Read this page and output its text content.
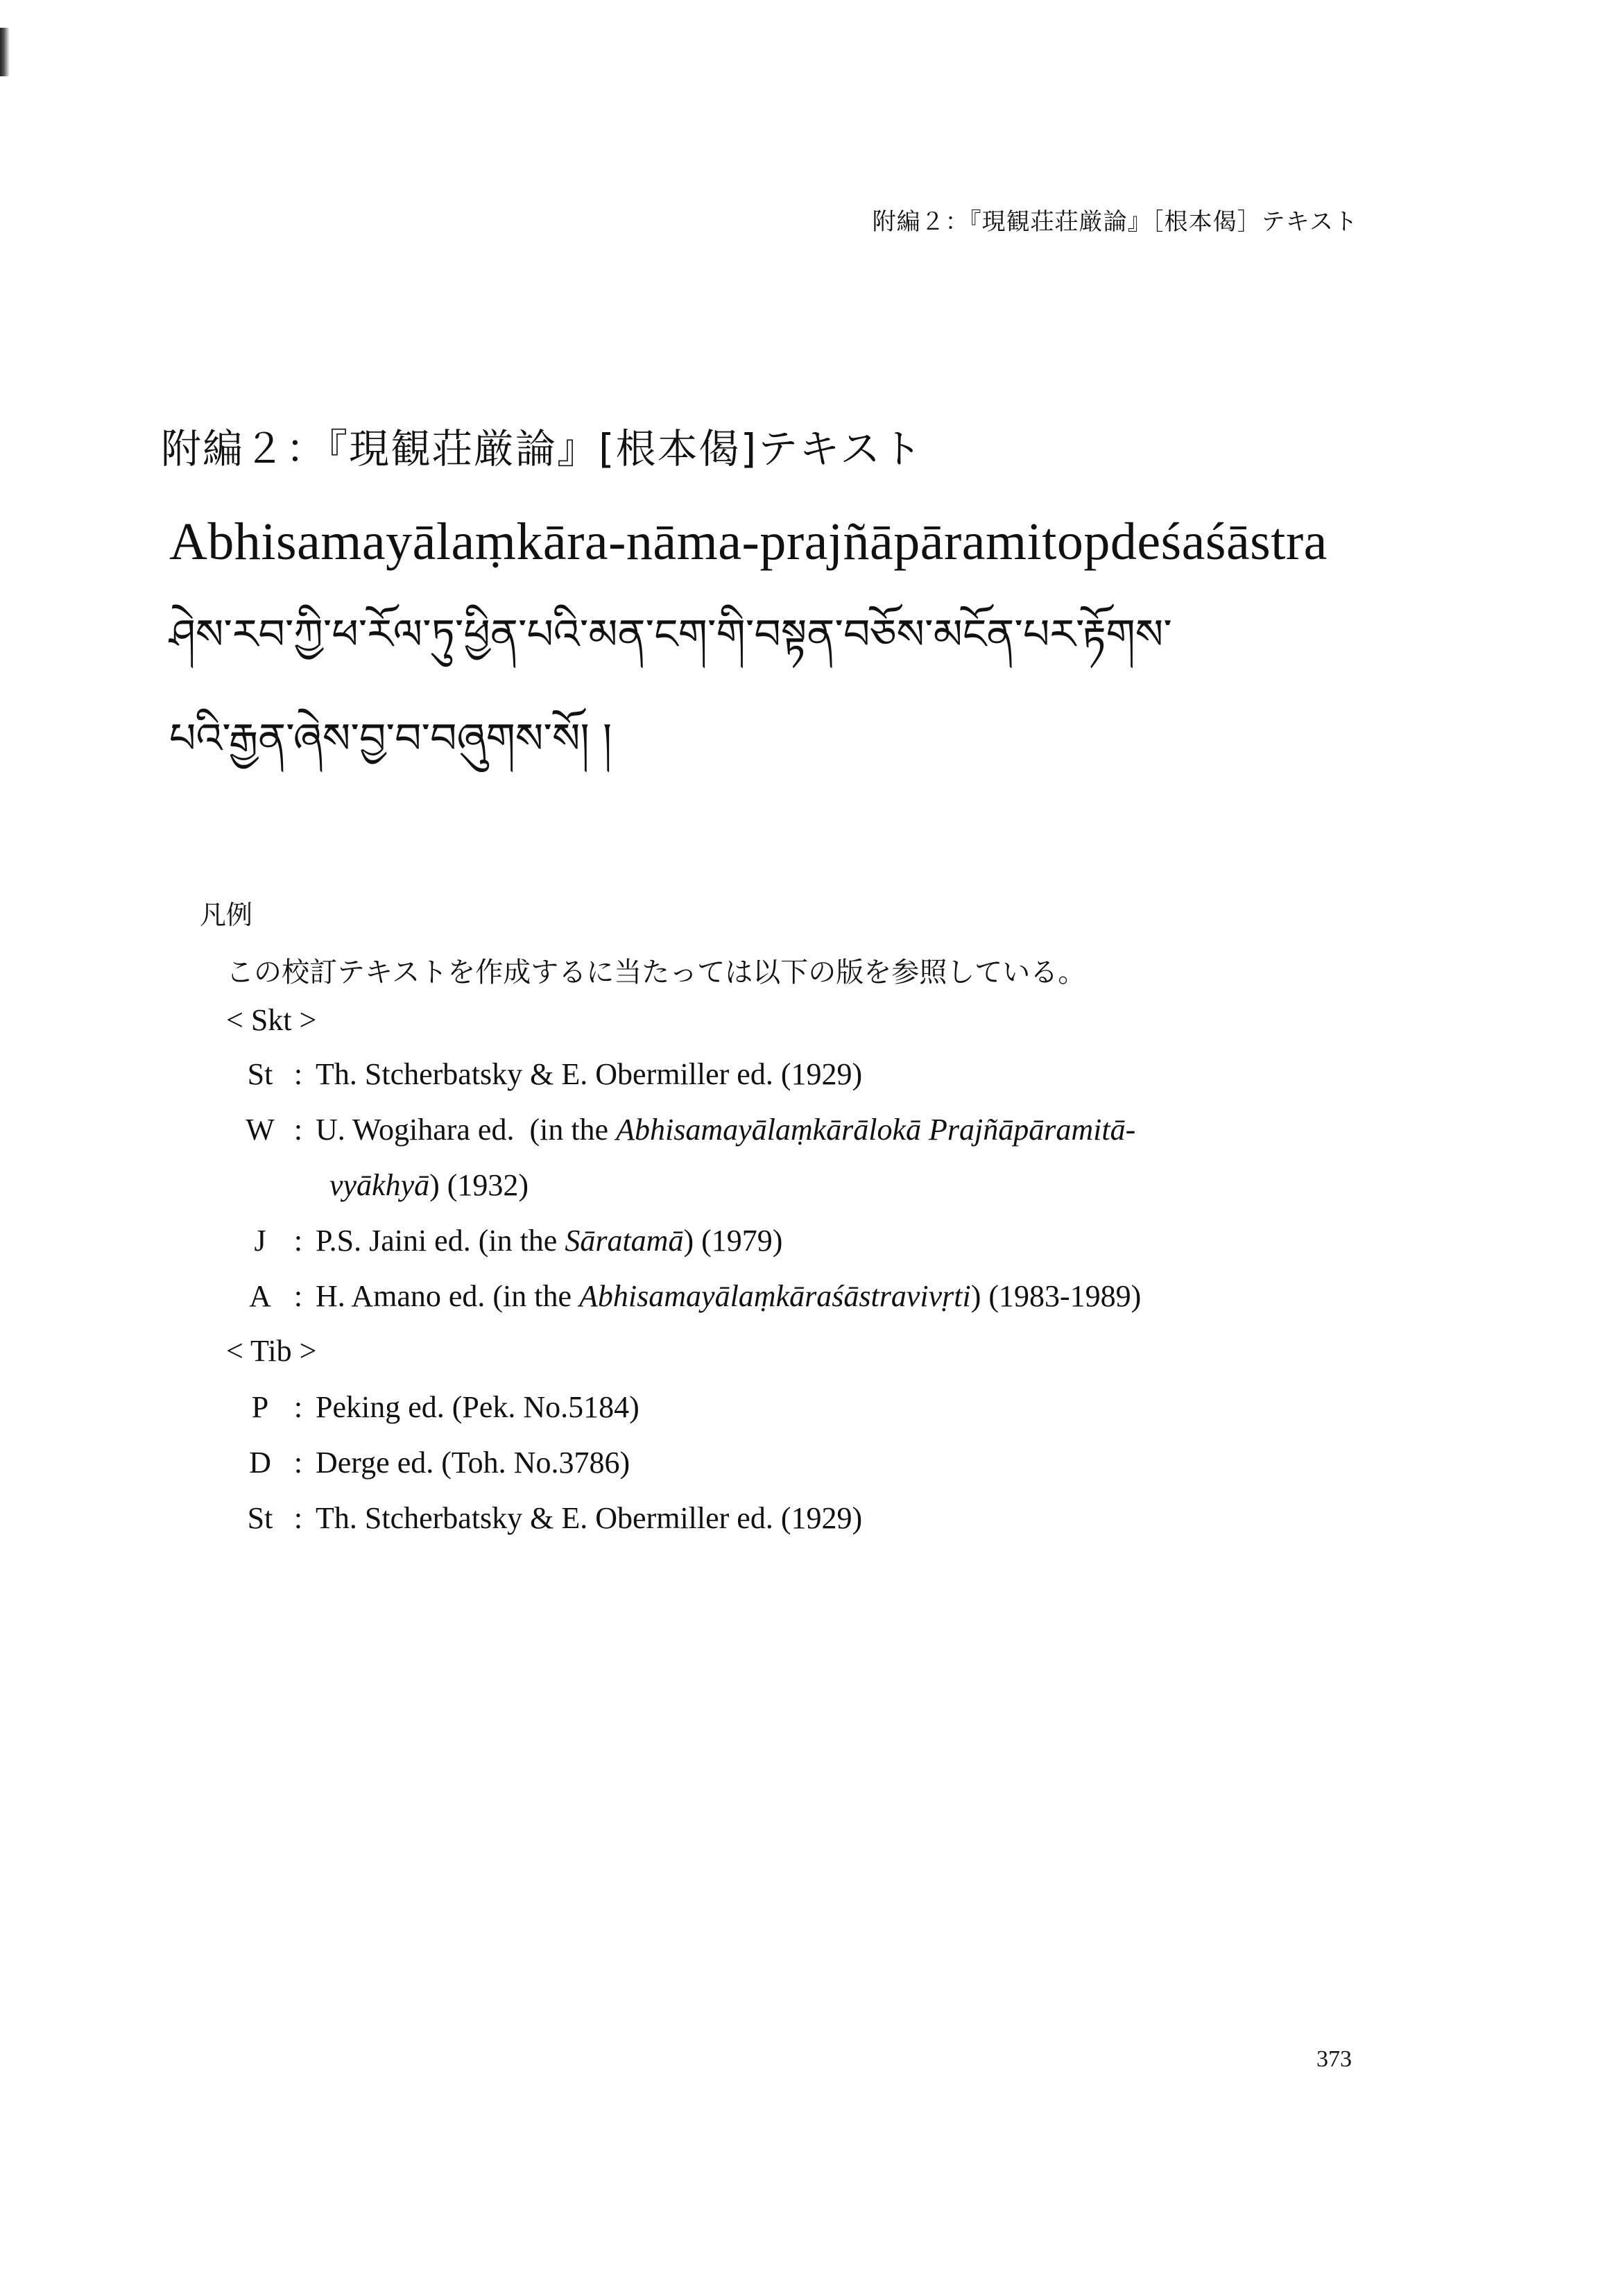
附編２：『現観荘荘厳論』［根本偈］テキスト
附編２：『現観荘厳論』[根本偈]テキスト
Abhisamayālaṃkāra-nāma-prajñāpāramitopdeśaśāstra
ཤེས་རབ་ཀྱི་ཕ་རོལ་ཏུ་ཕྱིན་པའི་མན་ངག་གི་བསྟན་བཅོས་མངོན་པར་རྟོགས་
པའི་རྒྱན་ཞེས་བྱ་བ་བཞུགས་སོ། །
凡例
この校訂テキストを作成するに当たっては以下の版を参照している。
< Skt >
St : Th. Stcherbatsky & E. Obermiller ed. (1929)
W : U. Wogihara ed.  (in the Abhisamayālaṃkārālokā Prajñāpāramitā-
vyākhyā) (1932)
J : P.S. Jaini ed. (in the Sāratamā ) (1979)
A : H. Amano ed. (in the Abhisamayālaṃkāraśāstravivṛti ) (1983-1989)
< Tib >
P : Peking ed. (Pek. No.5184)
D : Derge ed. (Toh. No.3786)
St : Th. Stcherbatsky & E. Obermiller ed. (1929)
373
